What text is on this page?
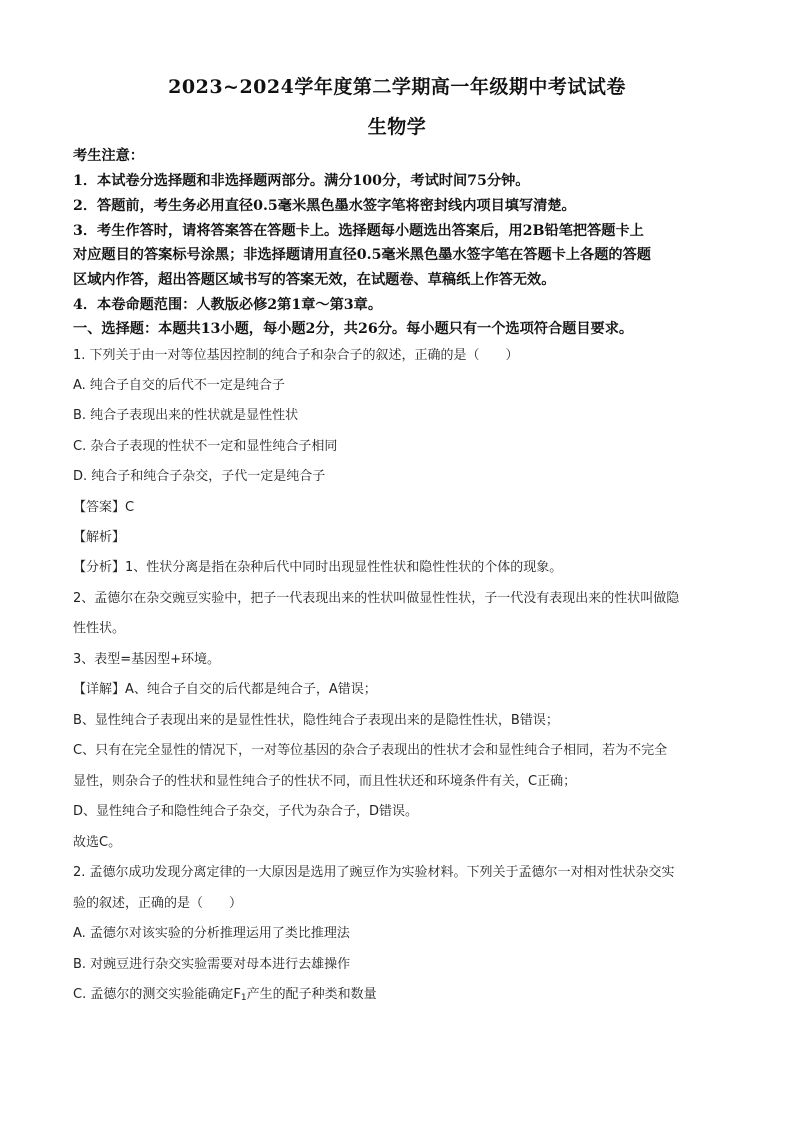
2023~2024学年度第二学期高一年级期中考试试卷
生物学
考生注意：
1．本试卷分选择题和非选择题两部分。满分100分，考试时间75分钟。
2．答题前，考生务必用直径0.5毫米黑色墨水签字笔将密封线内项目填写清楚。
3．考生作答时，请将答案答在答题卡上。选择题每小题选出答案后，用2B铅笔把答题卡上
对应题目的答案标号涂黑；非选择题请用直径0.5毫米黑色墨水签字笔在答题卡上各题的答题
区域内作答，超出答题区域书写的答案无效，在试题卷、草稿纸上作答无效。
4．本卷命题范围：人教版必修2第1章～第3章。
一、选择题：本题共13小题，每小题2分，共26分。每小题只有一个选项符合题目要求。
1. 下列关于由一对等位基因控制的纯合子和杂合子的叙述，正确的是（　　）
A. 纯合子自交的后代不一定是纯合子
B. 纯合子表现出来的性状就是显性性状
C. 杂合子表现的性状不一定和显性纯合子相同
D. 纯合子和纯合子杂交，子代一定是纯合子
【答案】C
【解析】
【分析】1、性状分离是指在杂种后代中同时出现显性性状和隐性性状的个体的现象。
2、孟德尔在杂交豌豆实验中，把子一代表现出来的性状叫做显性性状，子一代没有表现出来的性状叫做隐
性性状。
3、表型=基因型+环境。
【详解】A、纯合子自交的后代都是纯合子，A错误；
B、显性纯合子表现出来的是显性性状，隐性纯合子表现出来的是隐性性状，B错误；
C、只有在完全显性的情况下，一对等位基因的杂合子表现出的性状才会和显性纯合子相同，若为不完全
显性，则杂合子的性状和显性纯合子的性状不同，而且性状还和环境条件有关，C正确；
D、显性纯合子和隐性纯合子杂交，子代为杂合子，D错误。
故选C。
2. 孟德尔成功发现分离定律的一大原因是选用了豌豆作为实验材料。下列关于孟德尔一对相对性状杂交实
验的叙述，正确的是（　　）
A. 孟德尔对该实验的分析推理运用了类比推理法
B. 对豌豆进行杂交实验需要对母本进行去雄操作
C. 孟德尔的测交实验能确定$F_1$产生的配子种类和数量
